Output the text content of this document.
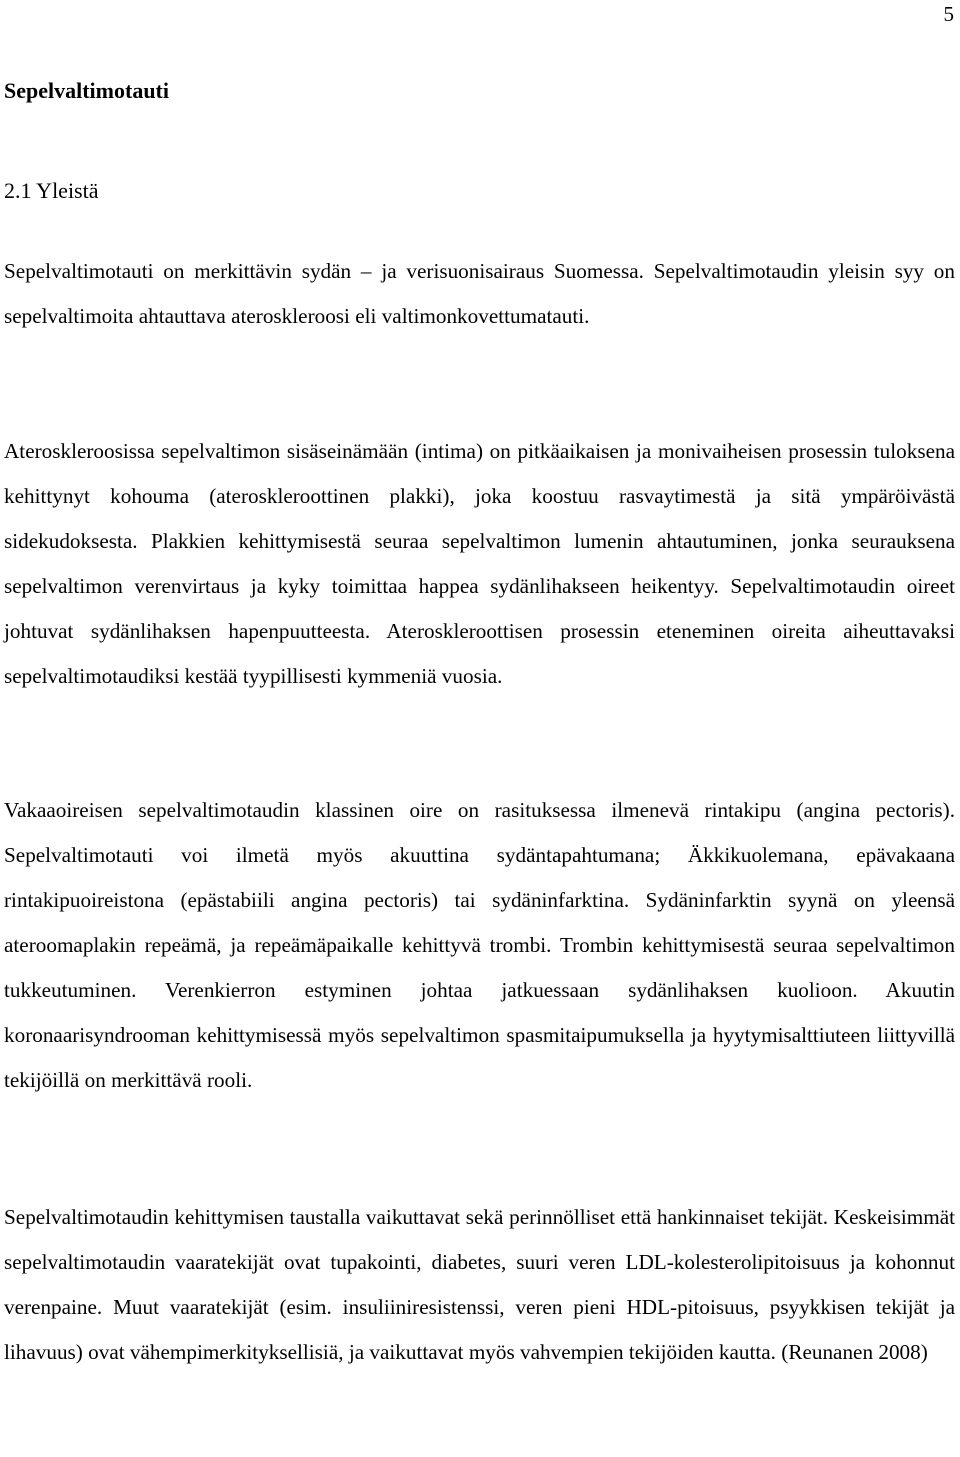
5
Sepelvaltimotauti
2.1 Yleistä

Sepelvaltimotauti on merkittävin sydän – ja verisuonisairaus Suomessa. Sepelvaltimotaudin yleisin syy on sepelvaltimoita ahtauttava ateroskleroosi eli valtimonkovettumatauti.

Ateroskleroosissa sepelvaltimon sisäseinämään (intima) on pitkäaikaisen ja monivaiheisen prosessin tuloksena kehittynyt kohouma (ateroskleroottinen plakki), joka koostuu rasvaytimestä ja sitä ympäröivästä sidekudoksesta. Plakkien kehittymisestä seuraa sepelvaltimon lumenin ahtautuminen, jonka seurauksena sepelvaltimon verenvirtaus ja kyky toimittaa happea sydänlihakseen heikentyy. Sepelvaltimotaudin oireet johtuvat sydänlihaksen hapenpuutteesta. Ateroskleroottisen prosessin eteneminen oireita aiheuttavaksi sepelvaltimotaudiksi kestää tyypillisesti kymmeniä vuosia.

Vakaaoireisen sepelvaltimotaudin klassinen oire on rasituksessa ilmenevä rintakipu (angina pectoris). Sepelvaltimotauti voi ilmetä myös akuuttina sydäntapahtumana; Äkkikuolemana, epävakaana rintakipuoireistona (epästabiili angina pectoris) tai sydäninfarktina. Sydäninfarktin syynä on yleensä ateroomaplakin repeämä, ja repeämäpaikalle kehittyvä trombi. Trombin kehittymisestä seuraa sepelvaltimon tukkeutuminen. Verenkierron estyminen johtaa jatkuessaan sydänlihaksen kuolioon. Akuutin koronaarisyndrooman kehittymisessä myös sepelvaltimon spasmitaipumuksella ja hyytymisalttiuteen liittyvillä tekijöillä on merkittävä rooli.

Sepelvaltimotaudin kehittymisen taustalla vaikuttavat sekä perinnölliset että hankinnaiset tekijät. Keskeisimmät sepelvaltimotaudin vaaratekijät ovat tupakointi, diabetes, suuri veren LDL-kolesterolipitoisuus ja kohonnut verenpaine. Muut vaaratekijät (esim. insuliiniresistenssi, veren pieni HDL-pitoisuus, psyykkisen tekijät ja lihavuus) ovat vähempimerkityksellisiä, ja vaikuttavat myös vahvempien tekijöiden kautta. (Reunanen 2008)
